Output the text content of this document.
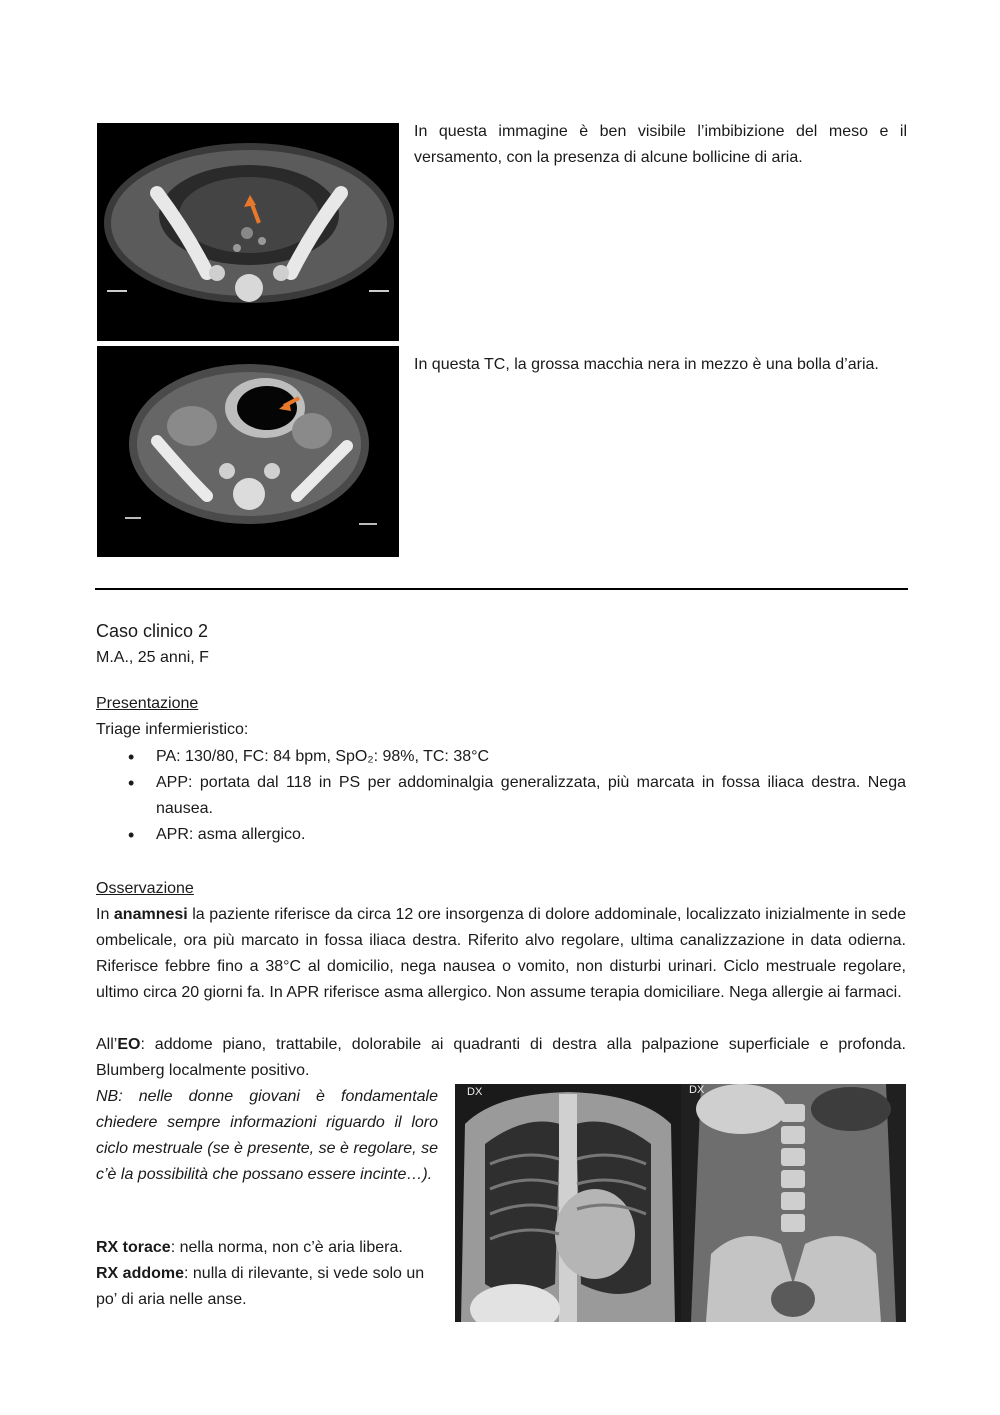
In questa immagine è ben visibile l’imbibizione del meso e il versamento, con la presenza di alcune bollicine di aria.
In questa TC, la grossa macchia nera in mezzo è una bolla d’aria.
Caso clinico 2
M.A., 25 anni, F
Presentazione
Triage infermieristico:
• PA: 130/80, FC: 84 bpm, SpO₂: 98%, TC: 38°C
• APP: portata dal 118 in PS per addominalgia generalizzata, più marcata in fossa iliaca destra. Nega nausea.
• APR: asma allergico.
Osservazione
In anamnesi la paziente riferisce da circa 12 ore insorgenza di dolore addominale, localizzato inizialmente in sede ombelicale, ora più marcato in fossa iliaca destra. Riferito alvo regolare, ultima canalizzazione in data odierna. Riferisce febbre fino a 38°C al domicilio, nega nausea o vomito, non disturbi urinari. Ciclo mestruale regolare, ultimo circa 20 giorni fa. In APR riferisce asma allergico. Non assume terapia domiciliare. Nega allergie ai farmaci.
All’EO: addome piano, trattabile, dolorabile ai quadranti di destra alla palpazione superficiale e profonda. Blumberg localmente positivo.
NB: nelle donne giovani è fondamentale chiedere sempre informazioni riguardo il loro ciclo mestruale (se è presente, se è regolare, se c’è la possibilità che possano essere incinte…).
RX torace: nella norma, non c’è aria libera.
RX addome: nulla di rilevante, si vede solo un po’ di aria nelle anse.
DX	DX
